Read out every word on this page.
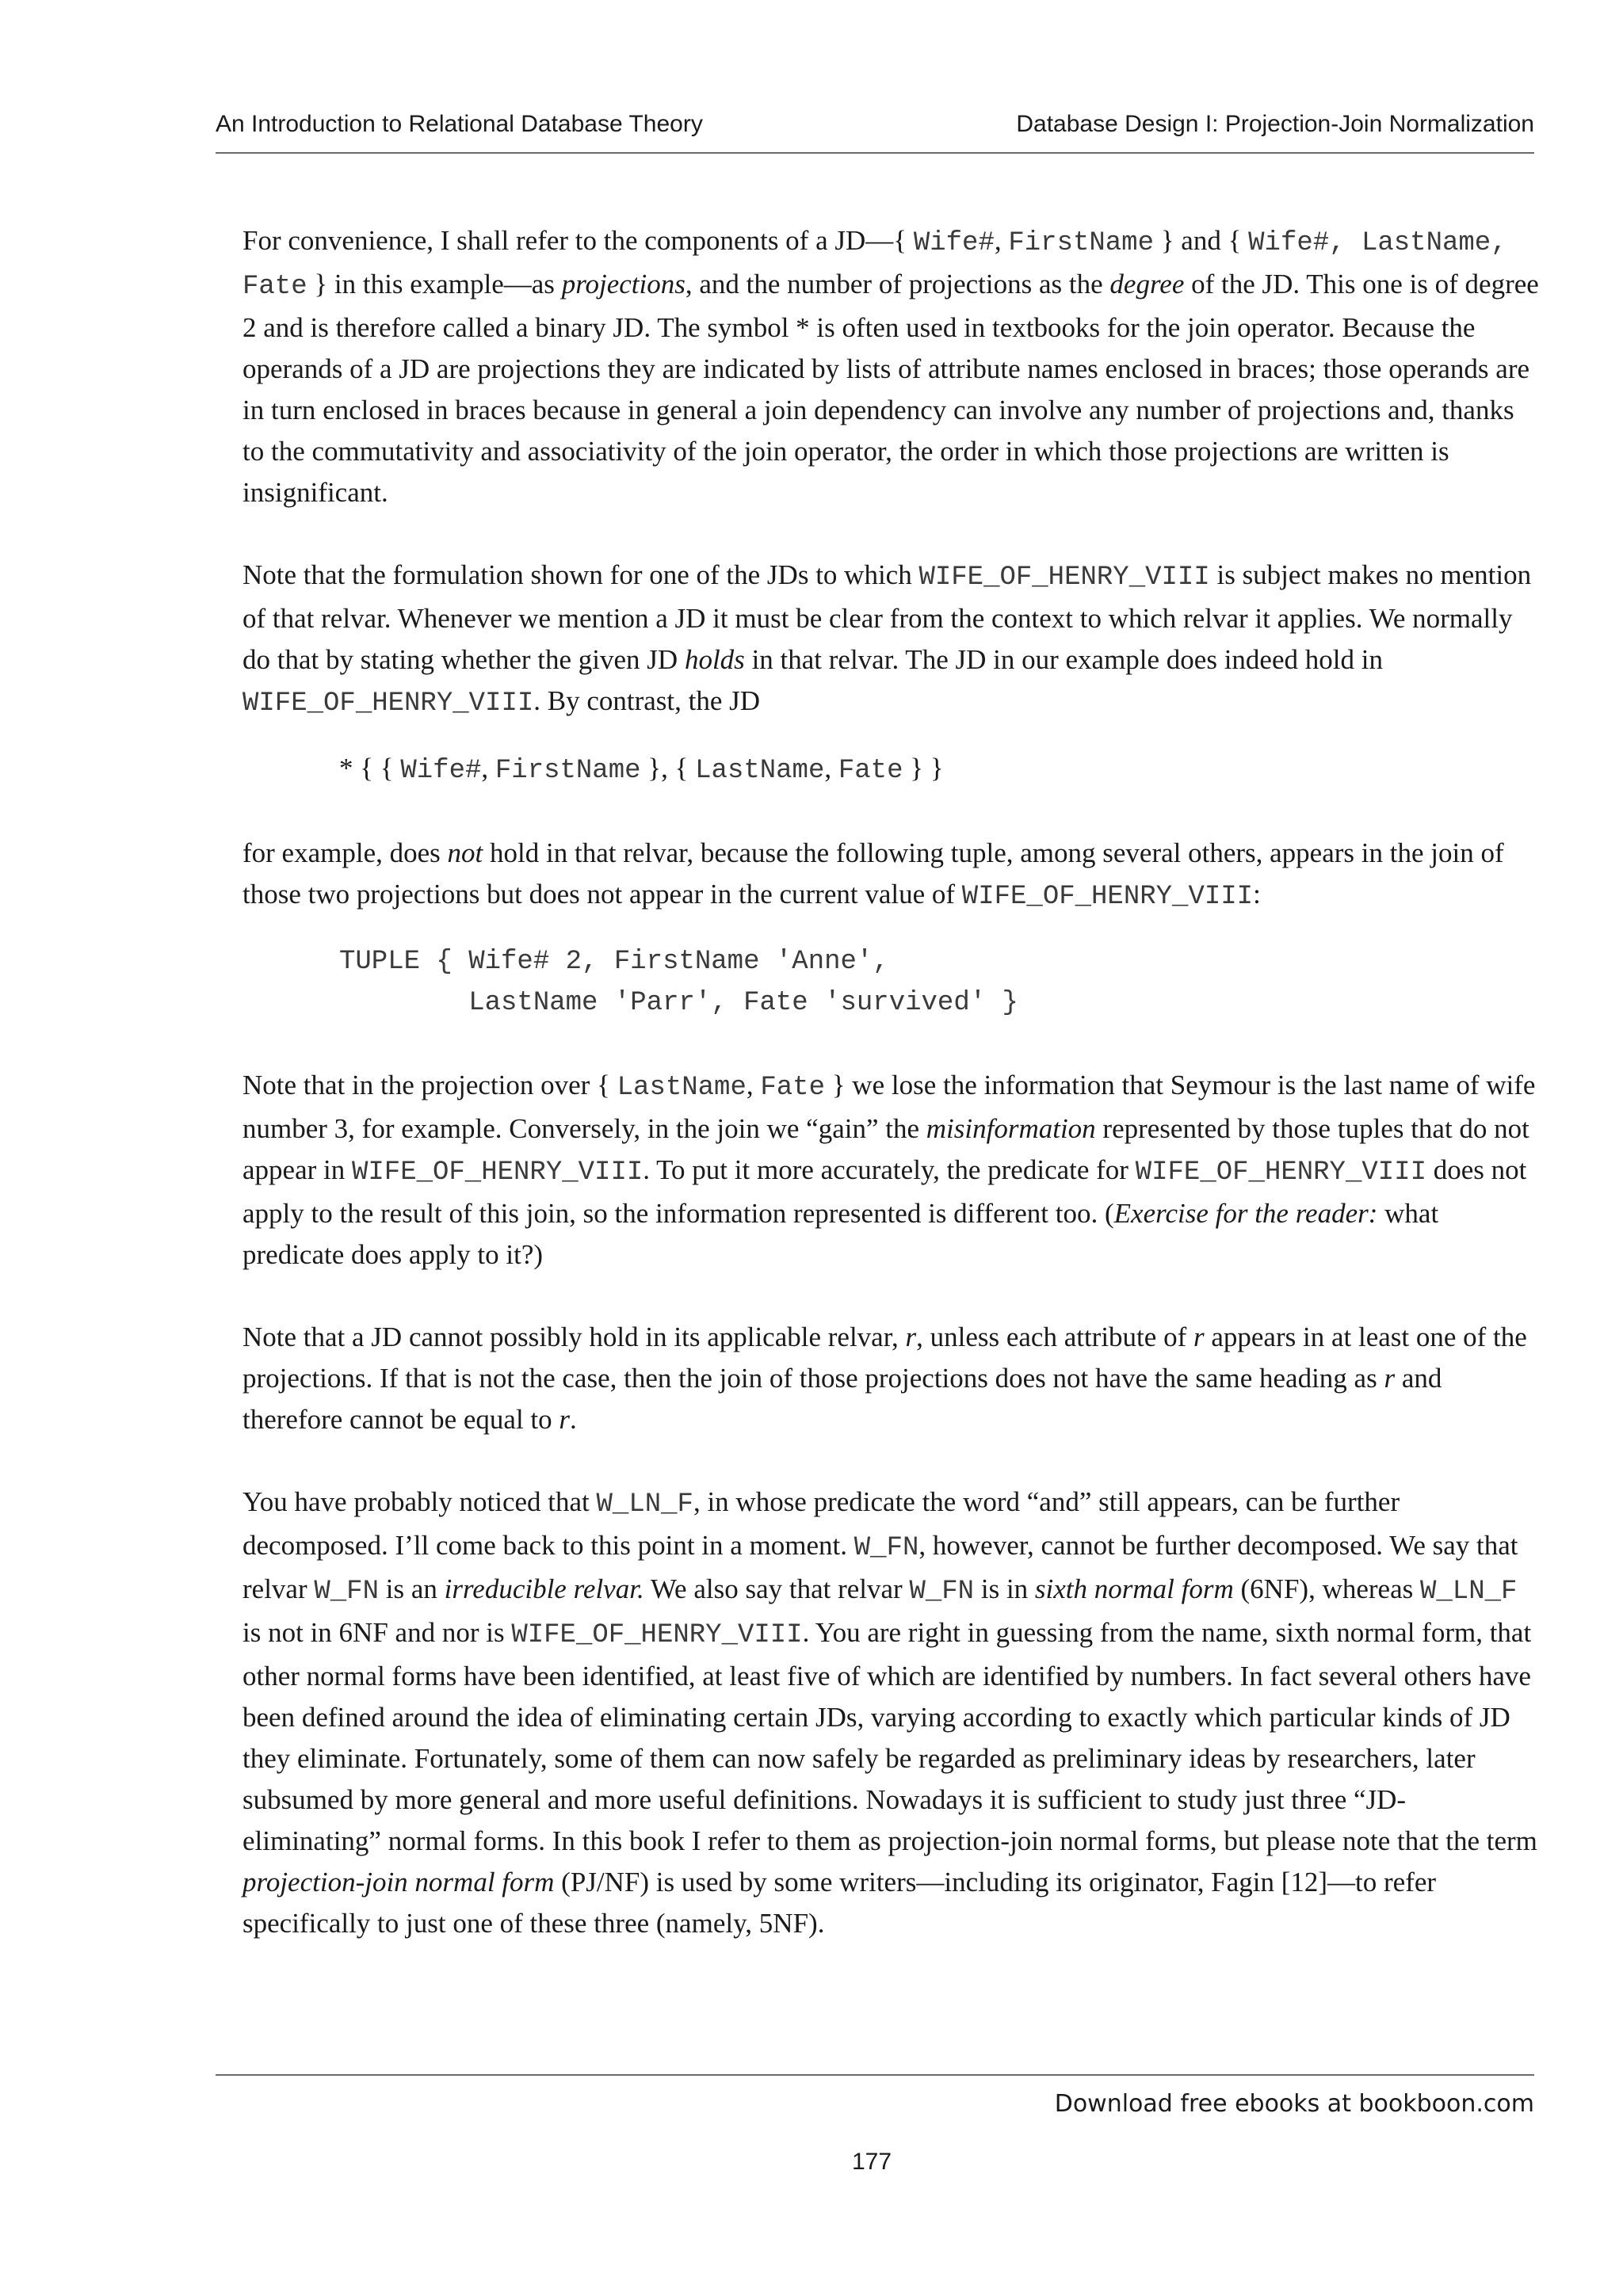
An Introduction to Relational Database Theory	Database Design I: Projection-Join Normalization

For convenience, I shall refer to the components of a JD—{ Wife#, FirstName } and { Wife#, LastName, Fate } in this example—as projections, and the number of projections as the degree of the JD. This one is of degree 2 and is therefore called a binary JD. The symbol * is often used in textbooks for the join operator. Because the operands of a JD are projections they are indicated by lists of attribute names enclosed in braces; those operands are in turn enclosed in braces because in general a join dependency can involve any number of projections and, thanks to the commutativity and associativity of the join operator, the order in which those projections are written is insignificant.

Note that the formulation shown for one of the JDs to which WIFE_OF_HENRY_VIII is subject makes no mention of that relvar. Whenever we mention a JD it must be clear from the context to which relvar it applies. We normally do that by stating whether the given JD holds in that relvar. The JD in our example does indeed hold in WIFE_OF_HENRY_VIII. By contrast, the JD

* { { Wife#, FirstName }, { LastName, Fate } }

for example, does not hold in that relvar, because the following tuple, among several others, appears in the join of those two projections but does not appear in the current value of WIFE_OF_HENRY_VIII:

TUPLE { Wife# 2, FirstName 'Anne',
LastName 'Parr', Fate 'survived' }

Note that in the projection over { LastName, Fate } we lose the information that Seymour is the last name of wife number 3, for example. Conversely, in the join we “gain” the misinformation represented by those tuples that do not appear in WIFE_OF_HENRY_VIII. To put it more accurately, the predicate for WIFE_OF_HENRY_VIII does not apply to the result of this join, so the information represented is different too. (Exercise for the reader: what predicate does apply to it?)

Note that a JD cannot possibly hold in its applicable relvar, r, unless each attribute of r appears in at least one of the projections. If that is not the case, then the join of those projections does not have the same heading as r and therefore cannot be equal to r.

You have probably noticed that W_LN_F, in whose predicate the word “and” still appears, can be further decomposed. I’ll come back to this point in a moment. W_FN, however, cannot be further decomposed. We say that relvar W_FN is an irreducible relvar. We also say that relvar W_FN is in sixth normal form (6NF), whereas W_LN_F is not in 6NF and nor is WIFE_OF_HENRY_VIII. You are right in guessing from the name, sixth normal form, that other normal forms have been identified, at least five of which are identified by numbers. In fact several others have been defined around the idea of eliminating certain JDs, varying according to exactly which particular kinds of JD they eliminate. Fortunately, some of them can now safely be regarded as preliminary ideas by researchers, later subsumed by more general and more useful definitions. Nowadays it is sufficient to study just three “JD-eliminating” normal forms. In this book I refer to them as projection-join normal forms, but please note that the term projection-join normal form (PJ/NF) is used by some writers—including its originator, Fagin [12]—to refer specifically to just one of these three (namely, 5NF).

Download free ebooks at bookboon.com
177
